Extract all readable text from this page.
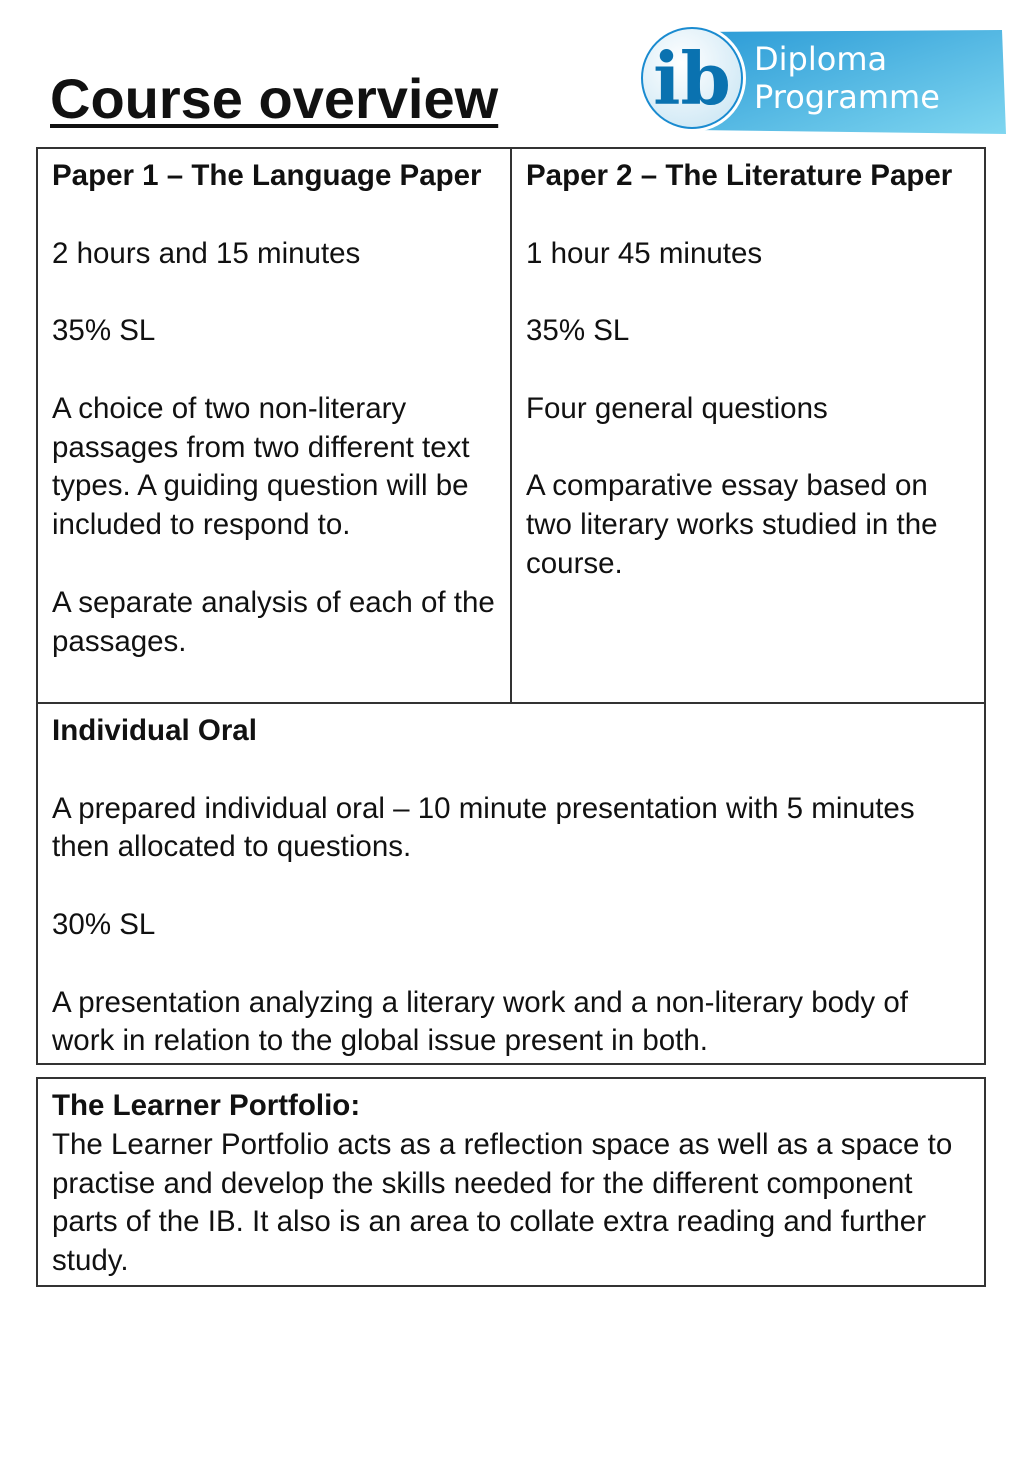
Course overview ib Diploma
Programme

Paper 1 – The Language Paper

2 hours and 15 minutes

35% SL

A choice of two non-literary passages from two different text types. A guiding question will be included to respond to.

A separate analysis of each of the passages.

Paper 2 – The Literature Paper

1 hour 45 minutes

35% SL

Four general questions

A comparative essay based on two literary works studied in the course.

Individual Oral

A prepared individual oral – 10 minute presentation with 5 minutes then allocated to questions.

30% SL

A presentation analyzing a literary work and a non-literary body of work in relation to the global issue present in both.

The Learner Portfolio:

The Learner Portfolio acts as a reflection space as well as a space to practise and develop the skills needed for the different component parts of the IB. It also is an area to collate extra reading and further study.
